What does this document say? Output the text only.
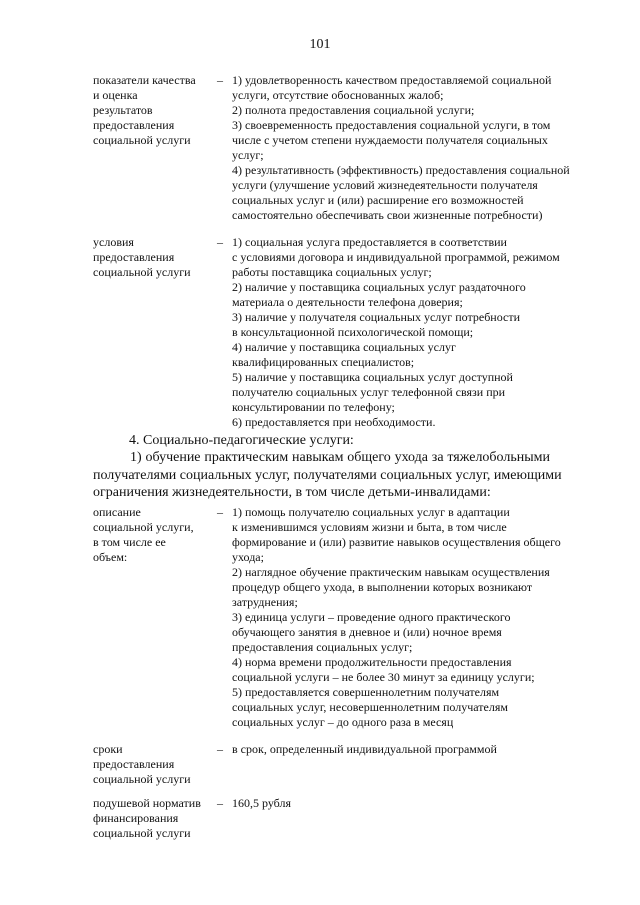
101
показатели качества
и оценка
результатов
предоставления
социальной услуги
– 1) удовлетворенность качеством предоставляемой социальной
услуги, отсутствие обоснованных жалоб;
2) полнота предоставления социальной услуги;
3) своевременность предоставления социальной услуги, в том
числе с учетом степени нуждаемости получателя социальных
услуг;
4) результативность (эффективность) предоставления социальной
услуги (улучшение условий жизнедеятельности получателя
социальных услуг и (или) расширение его возможностей
самостоятельно обеспечивать свои жизненные потребности)
условия
предоставления
социальной услуги
– 1) социальная услуга предоставляется в соответствии
с условиями договора и индивидуальной программой, режимом
работы поставщика социальных услуг;
2) наличие у поставщика социальных услуг раздаточного
материала о деятельности телефона доверия;
3) наличие у получателя социальных услуг потребности
в консультационной психологической помощи;
4) наличие у поставщика социальных услуг
квалифицированных специалистов;
5) наличие у поставщика социальных услуг доступной
получателю социальных услуг телефонной связи при
консультировании по телефону;
6) предоставляется при необходимости.
4. Социально-педагогические услуги:
1) обучение практическим навыкам общего ухода за тяжелобольными
получателями социальных услуг, получателями социальных услуг, имеющими
ограничения жизнедеятельности, в том числе детьми-инвалидами:
описание
социальной услуги,
в том числе ее
объем:
– 1) помощь получателю социальных услуг в адаптации
к изменившимся условиям жизни и быта, в том числе
формирование и (или) развитие навыков осуществления общего
ухода;
2) наглядное обучение практическим навыкам осуществления
процедур общего ухода, в выполнении которых возникают
затруднения;
3) единица услуги – проведение одного практического
обучающего занятия в дневное и (или) ночное время
предоставления социальных услуг;
4) норма времени продолжительности предоставления
социальной услуги – не более 30 минут за единицу услуги;
5) предоставляется совершеннолетним получателям
социальных услуг, несовершеннолетним получателям
социальных услуг – до одного раза в месяц
сроки
предоставления
социальной услуги
– в срок, определенный индивидуальной программой
подушевой норматив
финансирования
социальной услуги
– 160,5 рубля
